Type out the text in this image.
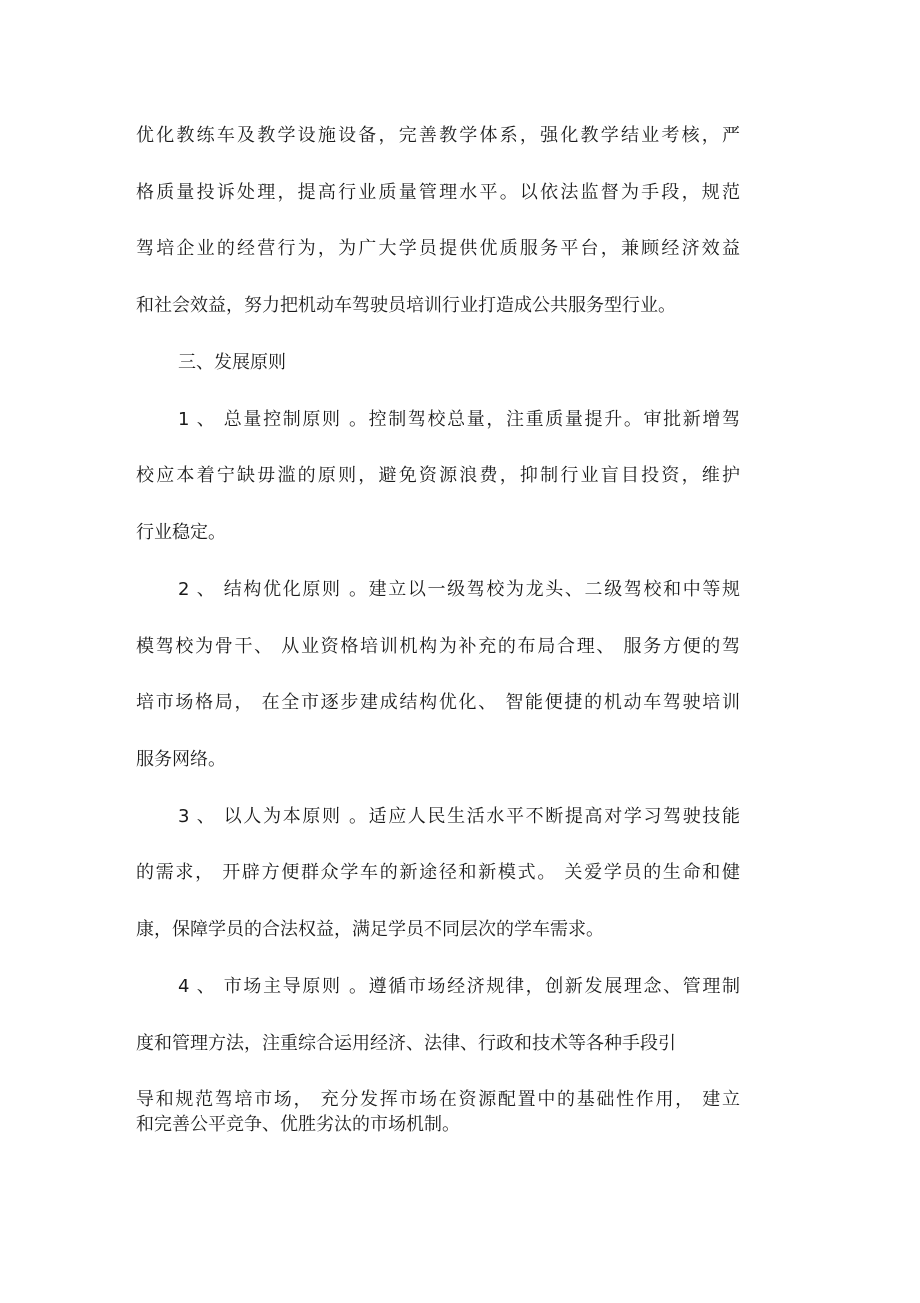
优化教练车及教学设施设备，完善教学体系，强化教学结业考核，严
格质量投诉处理，提高行业质量管理水平。以依法监督为手段，规范
驾培企业的经营行为，为广大学员提供优质服务平台，兼顾经济效益
和社会效益，努力把机动车驾驶员培训行业打造成公共服务型行业。
三、发展原则
1 、 总量控制原则 。控制驾校总量，注重质量提升。审批新增驾
校应本着宁缺毋滥的原则，避免资源浪费，抑制行业盲目投资，维护
行业稳定。
2 、 结构优化原则 。建立以一级驾校为龙头、二级驾校和中等规
模驾校为骨干、 从业资格培训机构为补充的布局合理、 服务方便的驾
培市场格局， 在全市逐步建成结构优化、 智能便捷的机动车驾驶培训
服务网络。
3 、 以人为本原则 。适应人民生活水平不断提高对学习驾驶技能
的需求， 开辟方便群众学车的新途径和新模式。 关爱学员的生命和健
康，保障学员的合法权益，满足学员不同层次的学车需求。
4 、 市场主导原则 。遵循市场经济规律，创新发展理念、管理制
度和管理方法，注重综合运用经济、法律、行政和技术等各种手段引
导和规范驾培市场， 充分发挥市场在资源配置中的基础性作用， 建立
和完善公平竞争、优胜劣汰的市场机制。
